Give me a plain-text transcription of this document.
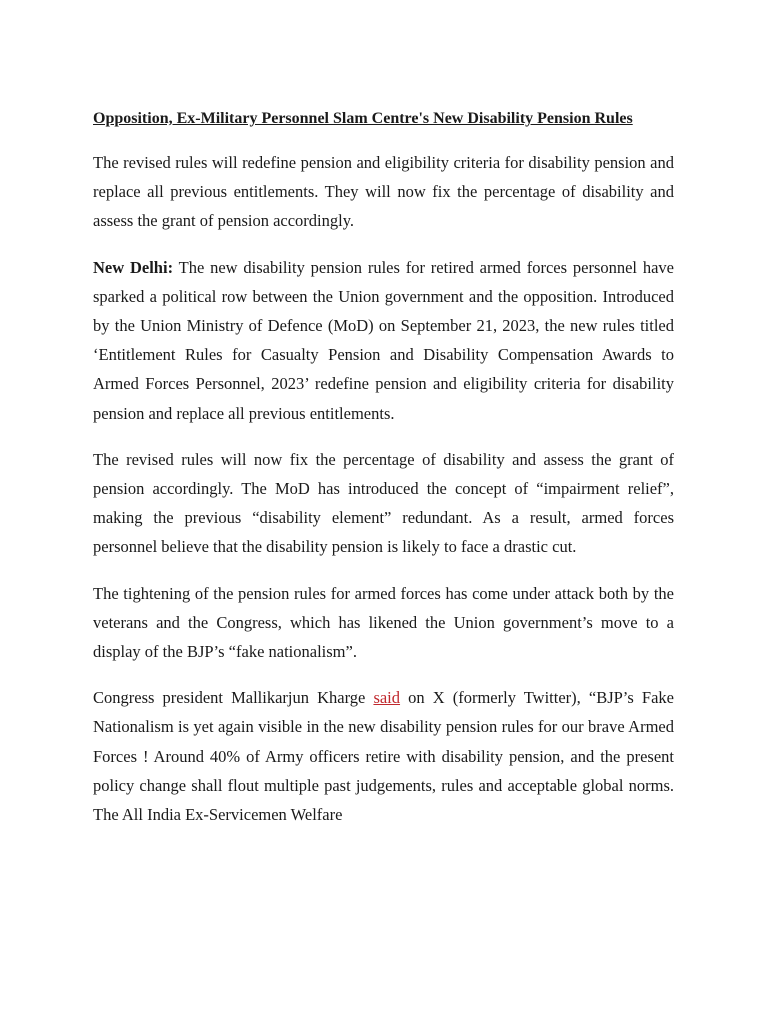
Opposition, Ex-Military Personnel Slam Centre's New Disability Pension Rules

The revised rules will redefine pension and eligibility criteria for disability pension and replace all previous entitlements. They will now fix the percentage of disability and assess the grant of pension accordingly.

New Delhi: The new disability pension rules for retired armed forces personnel have sparked a political row between the Union government and the opposition. Introduced by the Union Ministry of Defence (MoD) on September 21, 2023, the new rules titled ‘Entitlement Rules for Casualty Pension and Disability Compensation Awards to Armed Forces Personnel, 2023’ redefine pension and eligibility criteria for disability pension and replace all previous entitlements.

The revised rules will now fix the percentage of disability and assess the grant of pension accordingly. The MoD has introduced the concept of “impairment relief”, making the previous “disability element” redundant. As a result, armed forces personnel believe that the disability pension is likely to face a drastic cut.

The tightening of the pension rules for armed forces has come under attack both by the veterans and the Congress, which has likened the Union government’s move to a display of the BJP’s “fake nationalism”.

Congress president Mallikarjun Kharge said on X (formerly Twitter), “BJP’s Fake Nationalism is yet again visible in the new disability pension rules for our brave Armed Forces ! Around 40% of Army officers retire with disability pension, and the present policy change shall flout multiple past judgements, rules and acceptable global norms. The All India Ex-Servicemen Welfare
